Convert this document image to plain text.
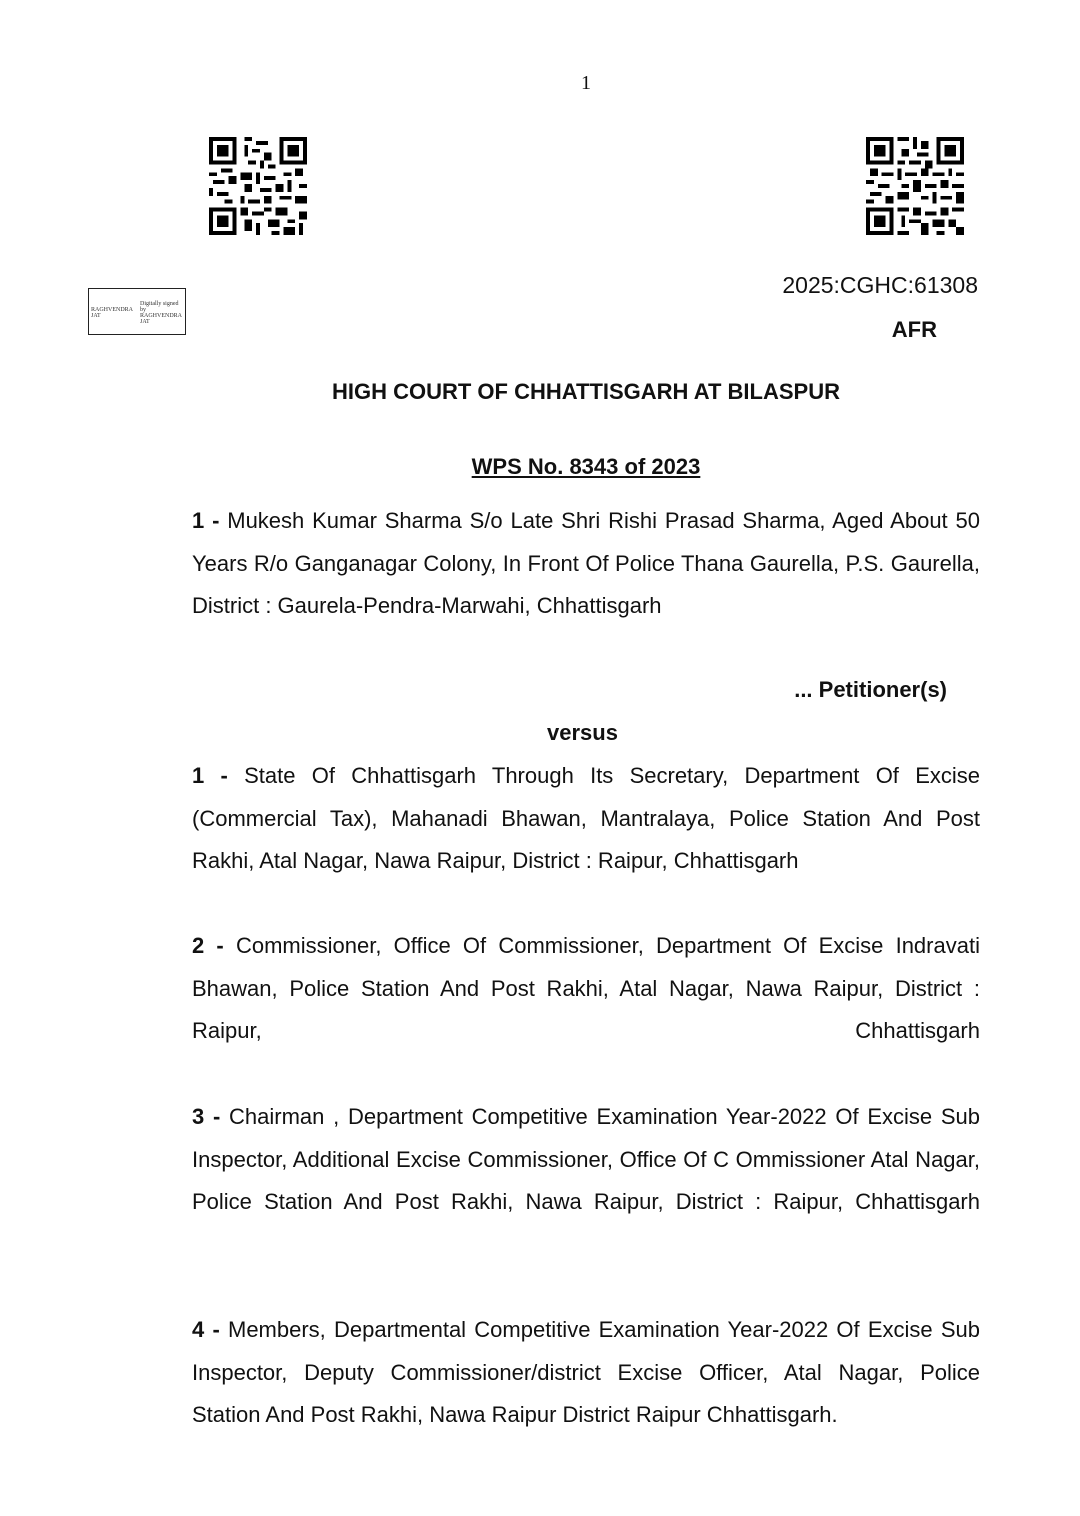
1
RAGHVENDRA JAT
Digitally signed by RAGHVENDRA JAT
2025:CGHC:61308
AFR
HIGH COURT OF CHHATTISGARH AT BILASPUR
WPS No. 8343 of 2023
1 - Mukesh Kumar Sharma S/o Late Shri Rishi Prasad Sharma, Aged About 50 Years R/o Ganganagar Colony, In Front Of Police Thana Gaurella, P.S. Gaurella, District : Gaurela-Pendra-Marwahi, Chhattisgarh
... Petitioner(s)
versus
1 - State Of Chhattisgarh Through Its Secretary, Department Of Excise (Commercial Tax), Mahanadi Bhawan, Mantralaya, Police Station And Post Rakhi, Atal Nagar, Nawa Raipur, District : Raipur, Chhattisgarh
2 - Commissioner, Office Of Commissioner, Department Of Excise Indravati Bhawan, Police Station And Post Rakhi, Atal Nagar, Nawa Raipur, District : Raipur, Chhattisgarh
3 - Chairman , Department Competitive Examination Year-2022 Of Excise Sub Inspector, Additional Excise Commissioner, Office Of C Ommissioner Atal Nagar, Police Station And Post Rakhi, Nawa Raipur, District : Raipur, Chhattisgarh
4 - Members, Departmental Competitive Examination Year-2022 Of Excise Sub Inspector, Deputy Commissioner/district Excise Officer, Atal Nagar, Police Station And Post Rakhi, Nawa Raipur District Raipur Chhattisgarh.
